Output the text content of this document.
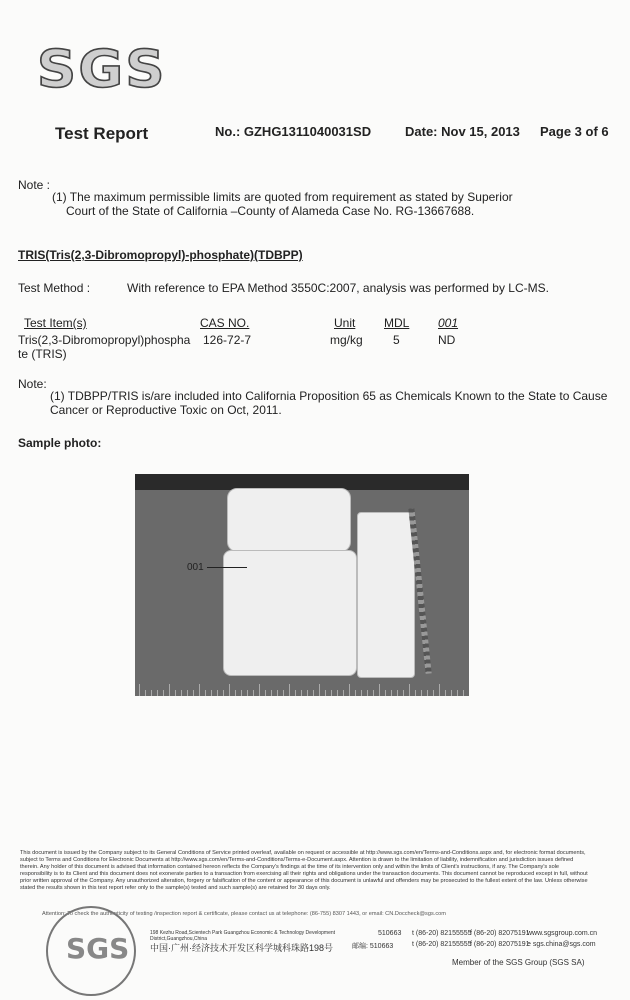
SGS
Test Report	No.: GZHG1311040031SD	Date: Nov 15, 2013 Page 3 of 6
Note :
(1) The maximum permissible limits are quoted from requirement as stated by Superior
Court of the State of California –County of Alameda Case No. RG-13667688.
TRIS(Tris(2,3-Dibromopropyl)-phosphate)(TDBPP)
Test Method :	With reference to EPA Method 3550C:2007, analysis was performed by LC-MS.
Test Item(s)	CAS NO.	Unit MDL 001
Tris(2,3-Dibromopropyl)phospha
te (TRIS)
126-72-7	mg/kg	5	ND
Note:
(1) TDBPP/TRIS is/are included into California Proposition 65 as Chemicals Known to the State to Cause
Cancer or Reproductive Toxic on Oct, 2011.
Sample photo:
001
This document is issued by the Company subject to its General Conditions of Service printed overleaf, available on request or accessible at http://www.sgs.com/en/Terms-and-Conditions.aspx and, for electronic format documents, subject to Terms and Conditions for Electronic Documents at http://www.sgs.com/en/Terms-and-Conditions/Terms-e-Document.aspx. Attention is drawn to the limitation of liability, indemnification and jurisdiction issues defined therein. Any holder of this document is advised that information contained hereon reflects the Company's findings at the time of its intervention only and within the limits of Client's instructions, if any. The Company's sole responsibility is to its Client and this document does not exonerate parties to a transaction from exercising all their rights and obligations under the transaction documents. This document cannot be reproduced except in full, without prior written approval of the Company. Any unauthorized alteration, forgery or falsification of the content or appearance of this document is unlawful and offenders may be prosecuted to the fullest extent of the law. Unless otherwise stated the results shown in this test report refer only to the sample(s) tested and such sample(s) are retained for 30 days only.
Attention: To check the authenticity of testing /inspection report & certificate, please contact us at telephone: (86-755) 8307 1443, or email: CN.Doccheck@sgs.com
SGS	198 Kezhu Road,Scientech Park Guangzhou Economic & Technology Development District,Guangzhou,China
中国·广州·经济技术开发区科学城科珠路198号
510663
邮编: 510663
t (86-20) 82155555
f (86-20) 82075191
www.sgsgroup.com.cn
t (86-20) 82155555
f (86-20) 82075191
e sgs.china@sgs.com
Member of the SGS Group (SGS SA)
